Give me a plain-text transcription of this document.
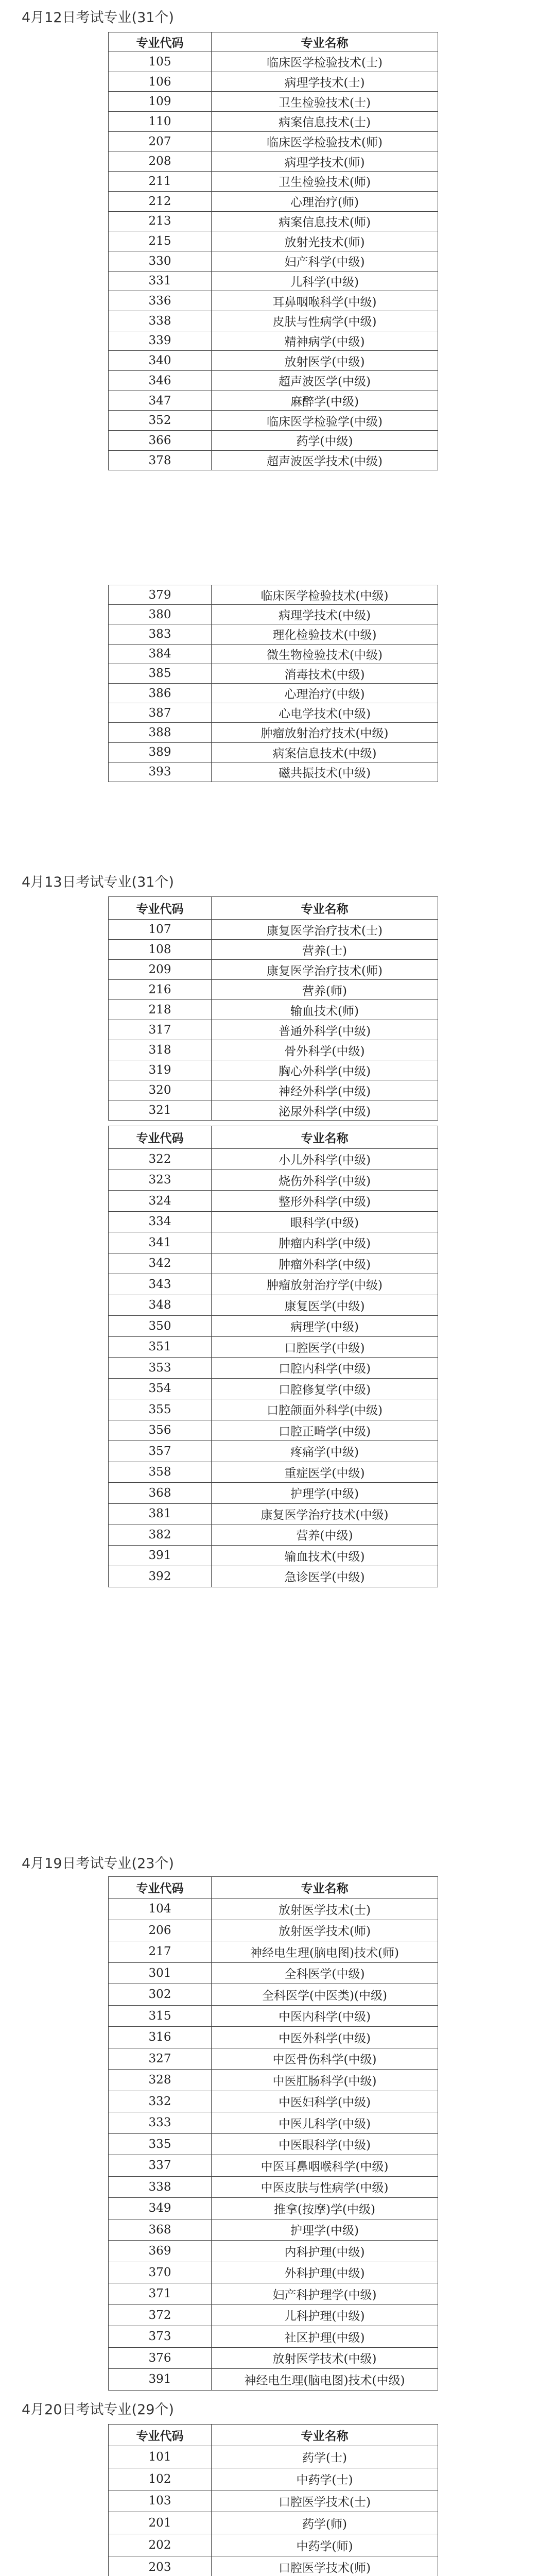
4月12日考试专业(31个)
专业代码	专业名称
105	临床医学检验技术(士)
106	病理学技术(士)
109	卫生检验技术(士)
110	病案信息技术(士)
207	临床医学检验技术(师)
208	病理学技术(师)
211	卫生检验技术(师)
212	心理治疗(师)
213	病案信息技术(师)
215	放射光技术(师)
330	妇产科学(中级)
331	儿科学(中级)
336	耳鼻咽喉科学(中级)
338	皮肤与性病学(中级)
339	精神病学(中级)
340	放射医学(中级)
346	超声波医学(中级)
347	麻醉学(中级)
352	临床医学检验学(中级)
366	药学(中级)
378	超声波医学技术(中级)
379	临床医学检验技术(中级)
380	病理学技术(中级)
383	理化检验技术(中级)
384	微生物检验技术(中级)
385	消毒技术(中级)
386	心理治疗(中级)
387	心电学技术(中级)
388	肿瘤放射治疗技术(中级)
389	病案信息技术(中级)
393	磁共振技术(中级)
4月13日考试专业(31个)
专业代码	专业名称
107	康复医学治疗技术(士)
108	营养(士)
209	康复医学治疗技术(师)
216	营养(师)
218	输血技术(师)
317	普通外科学(中级)
318	骨外科学(中级)
319	胸心外科学(中级)
320	神经外科学(中级)
321	泌尿外科学(中级)
专业代码	专业名称
322	小儿外科学(中级)
323	烧伤外科学(中级)
324	整形外科学(中级)
334	眼科学(中级)
341	肿瘤内科学(中级)
342	肿瘤外科学(中级)
343	肿瘤放射治疗学(中级)
348	康复医学(中级)
350	病理学(中级)
351	口腔医学(中级)
353	口腔内科学(中级)
354	口腔修复学(中级)
355	口腔颌面外科学(中级)
356	口腔正畸学(中级)
357	疼痛学(中级)
358	重症医学(中级)
368	护理学(中级)
381	康复医学治疗技术(中级)
382	营养(中级)
391	输血技术(中级)
392	急诊医学(中级)
4月19日考试专业(23个)
专业代码	专业名称
104	放射医学技术(士)
206	放射医学技术(师)
217	神经电生理(脑电图)技术(师)
301	全科医学(中级)
302	全科医学(中医类)(中级)
315	中医内科学(中级)
316	中医外科学(中级)
327	中医骨伤科学(中级)
328	中医肛肠科学(中级)
332	中医妇科学(中级)
333	中医儿科学(中级)
335	中医眼科学(中级)
337	中医耳鼻咽喉科学(中级)
338	中医皮肤与性病学(中级)
349	推拿(按摩)学(中级)
368	护理学(中级)
369	内科护理(中级)
370	外科护理(中级)
371	妇产科护理学(中级)
372	儿科护理(中级)
373	社区护理(中级)
376	放射医学技术(中级)
391	神经电生理(脑电图)技术(中级)
4月20日考试专业(29个)
专业代码	专业名称
101	药学(士)
102	中药学(士)
103	口腔医学技术(士)
201	药学(师)
202	中药学(师)
203	口腔医学技术(师)
